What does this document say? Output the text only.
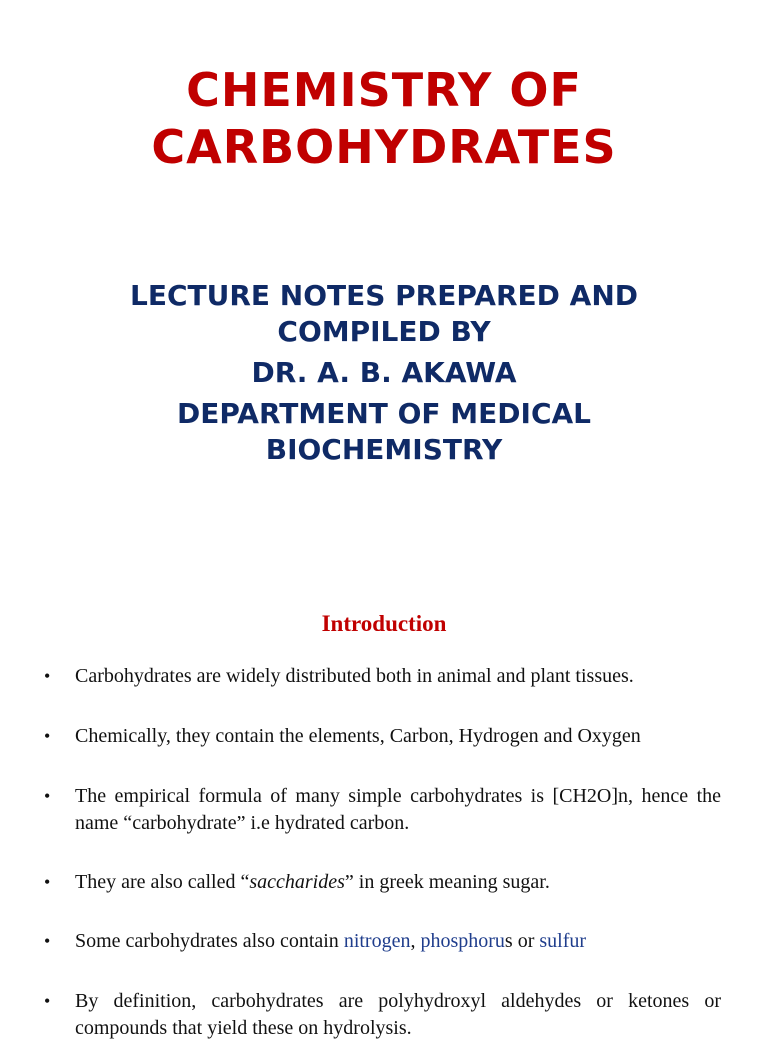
CHEMISTRY OF
CARBOHYDRATES
LECTURE NOTES PREPARED AND
COMPILED BY
DR. A. B. AKAWA
DEPARTMENT OF MEDICAL
BIOCHEMISTRY
Introduction
• Carbohydrates are widely distributed both in animal and plant tissues.
• Chemically, they contain the elements, Carbon, Hydrogen and Oxygen
• The empirical formula of many simple carbohydrates is [CH2O]n, hence the name “carbohydrate” i.e hydrated carbon.
• They are also called “saccharides” in greek meaning sugar.
• Some carbohydrates also contain nitrogen, phosphorus or sulfur
• By definition, carbohydrates are polyhydroxyl aldehydes or ketones or compounds that yield these on hydrolysis.
